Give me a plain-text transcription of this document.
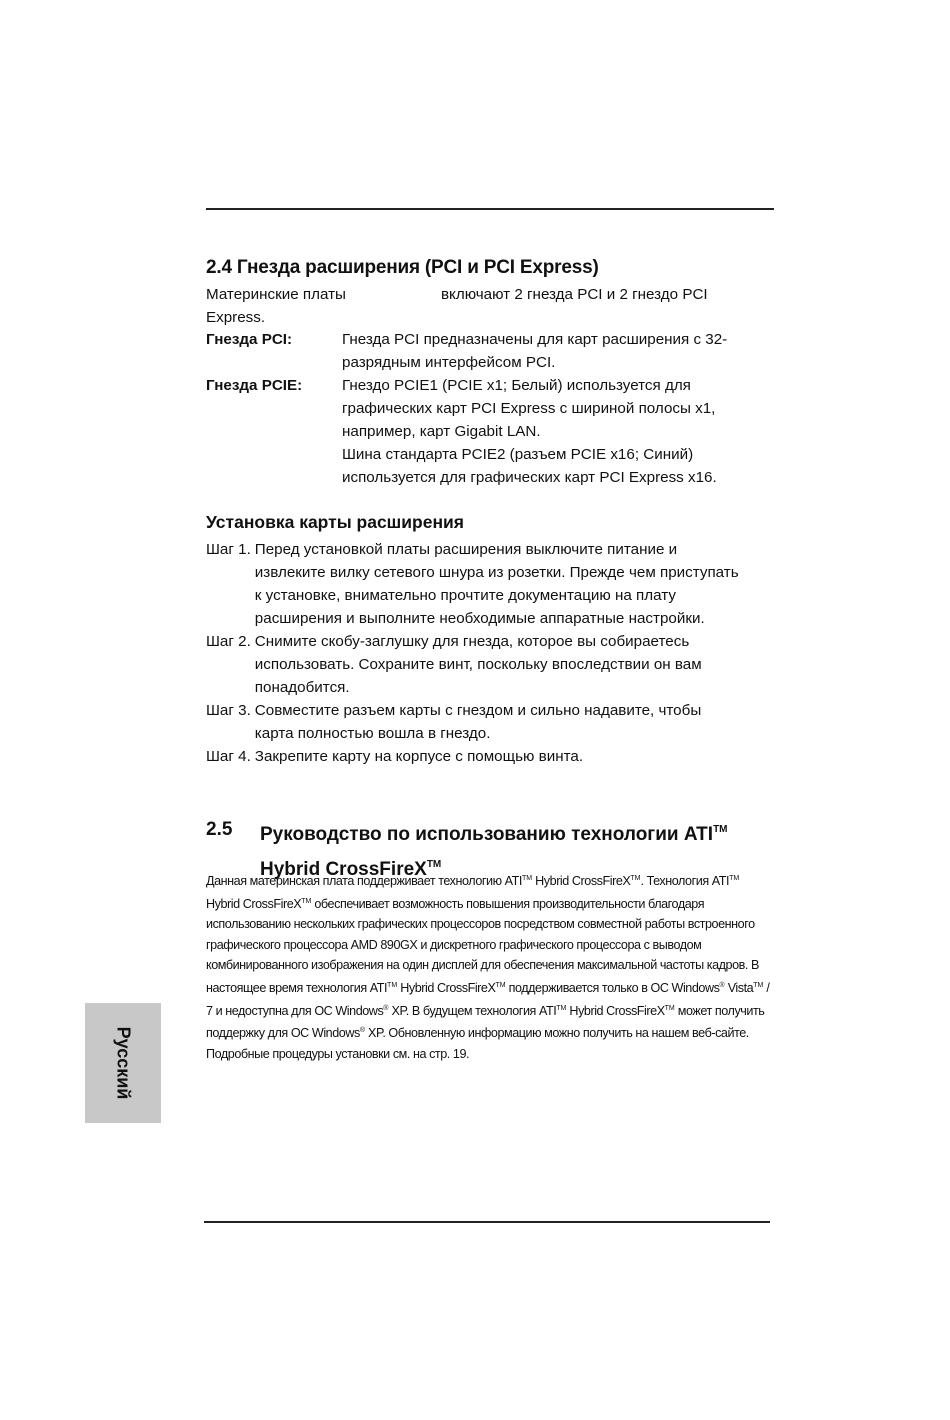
2.4 Гнезда расширения (PCI и PCI Express)
Материнские платы	включают 2 гнезда PCI и 2 гнездо PCI Express.
Гнезда PCI:	Гнезда PCI предназначены для карт расширения с 32-
разрядным интерфейсом PCI.
Гнезда PCIE:	Гнездо PCIE1 (PCIE x1; Белый) используется для
графических карт PCI Express с шириной полосы x1,
например, карт Gigabit LAN.
Шина стандарта PCIE2 (разъем PCIE x16; Синий)
используется для графических карт PCI Express x16.
Установка карты расширения
Шаг 1. Перед установкой платы расширения выключите питание и
извлеките вилку сетевого шнура из розетки. Прежде чем приступать
к установке, внимательно прочтите документацию на плату
расширения и выполните необходимые аппаратные настройки.
Шаг 2. Снимите скобу-заглушку для гнезда, которое вы собираетесь
использовать. Сохраните винт, поскольку впоследствии он вам
понадобится.
Шаг 3. Совместите разъем карты с гнездом и сильно надавите, чтобы
карта полностью вошла в гнездо.
Шаг 4. Закрепите карту на корпусе с помощью винта.
2.5 Руководство по использованию технологии ATI™
Hybrid CrossFireX™
Данная материнская плата поддерживает технологию ATI™ Hybrid CrossFireX™. Технология ATI™ Hybrid CrossFireX™ обеспечивает возможность повышения производительности благодаря использованию нескольких графических процессоров посредством совместной работы встроенного графического процессора AMD 890GX и дискретного графического процессора с выводом комбинированного изображения на один дисплей для обеспечения максимальной частоты кадров. В настоящее время технология ATI™ Hybrid CrossFireX™ поддерживается только в ОС Windows® Vista™ / 7 и недоступна для ОС Windows® XP. В будущем технология ATI™ Hybrid CrossFireX™ может получить поддержку для ОС Windows® XP. Обновленную информацию можно получить на нашем веб-сайте. Подробные процедуры установки см. на стр. 19.
Русский
